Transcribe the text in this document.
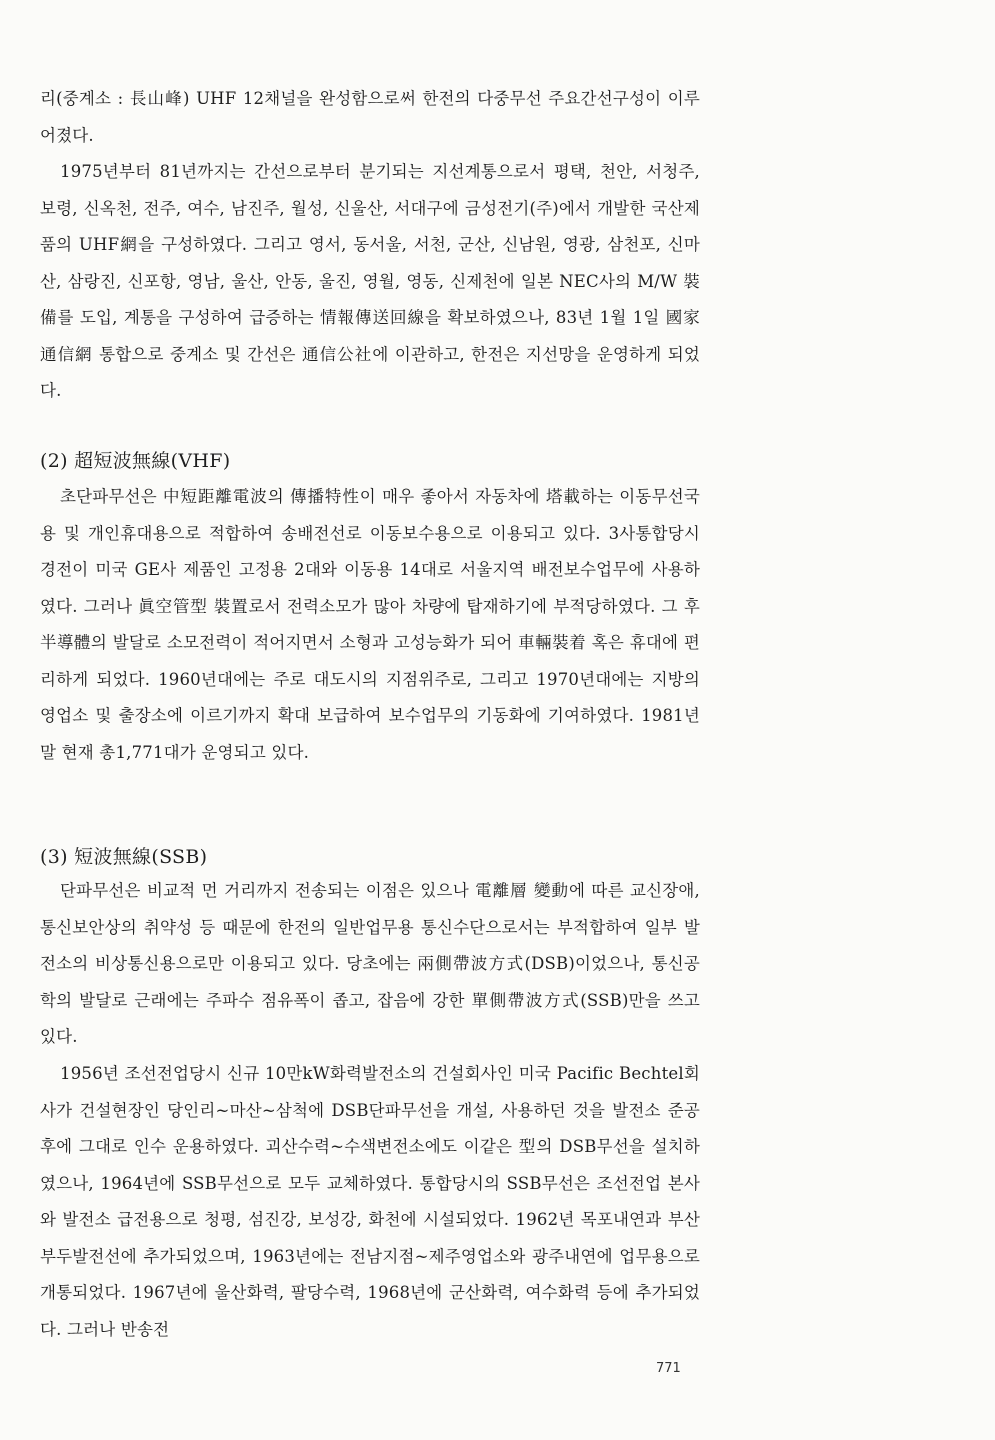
리(중계소 : 長山峰) UHF 12채널을 완성함으로써 한전의 다중무선 주요간선구성이 이루어졌다.

1975년부터 81년까지는 간선으로부터 분기되는 지선계통으로서 평택, 천안, 서청주, 보령, 신옥천, 전주, 여수, 남진주, 월성, 신울산, 서대구에 금성전기(주)에서 개발한 국산제품의 UHF網을 구성하였다. 그리고 영서, 동서울, 서천, 군산, 신남원, 영광, 삼천포, 신마산, 삼랑진, 신포항, 영남, 울산, 안동, 울진, 영월, 영동, 신제천에 일본 NEC사의 M/W 裝備를 도입, 계통을 구성하여 급증하는 情報傳送回線을 확보하였으나, 83년 1월 1일 國家通信網 통합으로 중계소 및 간선은 通信公社에 이관하고, 한전은 지선망을 운영하게 되었다.

(2) 超短波無線(VHF)

초단파무선은 中短距離電波의 傳播特性이 매우 좋아서 자동차에 塔載하는 이동무선국용 및 개인휴대용으로 적합하여 송배전선로 이동보수용으로 이용되고 있다. 3사통합당시 경전이 미국 GE사 제품인 고정용 2대와 이동용 14대로 서울지역 배전보수업무에 사용하였다. 그러나 眞空管型 裝置로서 전력소모가 많아 차량에 탑재하기에 부적당하였다. 그 후 半導體의 발달로 소모전력이 적어지면서 소형과 고성능화가 되어 車輛裝着 혹은 휴대에 편리하게 되었다. 1960년대에는 주로 대도시의 지점위주로, 그리고 1970년대에는 지방의 영업소 및 출장소에 이르기까지 확대 보급하여 보수업무의 기동화에 기여하였다. 1981년말 현재 총1,771대가 운영되고 있다.

(3) 短波無線(SSB)

단파무선은 비교적 먼 거리까지 전송되는 이점은 있으나 電離層 變動에 따른 교신장애, 통신보안상의 취약성 등 때문에 한전의 일반업무용 통신수단으로서는 부적합하여 일부 발전소의 비상통신용으로만 이용되고 있다. 당초에는 兩側帶波方式(DSB)이었으나, 통신공학의 발달로 근래에는 주파수 점유폭이 좁고, 잡음에 강한 單側帶波方式(SSB)만을 쓰고 있다.

1956년 조선전업당시 신규 10만kW화력발전소의 건설회사인 미국 Pacific Bechtel회사가 건설현장인 당인리~마산~삼척에 DSB단파무선을 개설, 사용하던 것을 발전소 준공후에 그대로 인수 운용하였다. 괴산수력~수색변전소에도 이같은 型의 DSB무선을 설치하였으나, 1964년에 SSB무선으로 모두 교체하였다. 통합당시의 SSB무선은 조선전업 본사와 발전소 급전용으로 청평, 섬진강, 보성강, 화천에 시설되었다. 1962년 목포내연과 부산부두발전선에 추가되었으며, 1963년에는 전남지점~제주영업소와 광주내연에 업무용으로 개통되었다. 1967년에 울산화력, 팔당수력, 1968년에 군산화력, 여수화력 등에 추가되었다. 그러나 반송전

771
